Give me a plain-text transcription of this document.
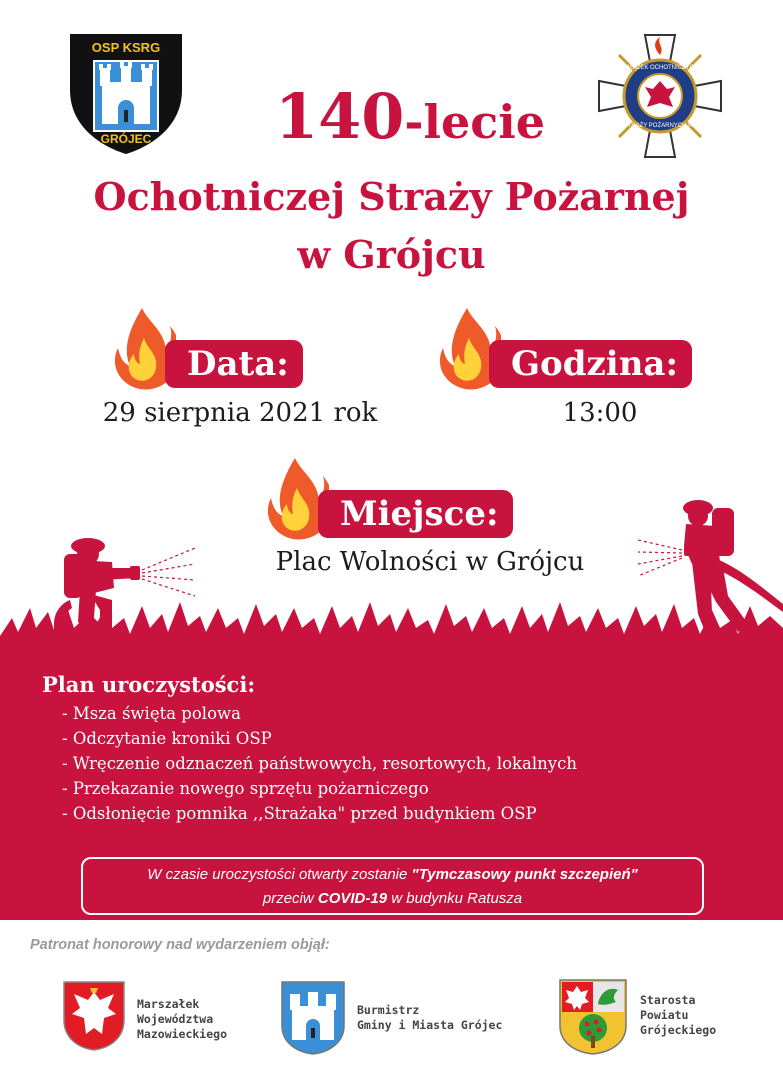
OSP KSRG
GRÓJEC
ZWIĄZEK OCHOTNICZYCH
STRAŻY POŻARNYCH RP
140-lecie
Ochotniczej Straży Pożarnej
w Grójcu
Data:
29 sierpnia 2021 rok
Godzina:
13:00
Miejsce:
Plac Wolności w Grójcu
Plan uroczystości:
- Msza święta polowa
- Odczytanie kroniki OSP
- Wręczenie odznaczeń państwowych, resortowych, lokalnych
- Przekazanie nowego sprzętu pożarniczego
- Odsłonięcie pomnika ,,Strażaka" przed budynkiem OSP
W czasie uroczystości otwarty zostanie "Tymczasowy punkt szczepień"
przeciw COVID-19 w budynku Ratusza
Patronat honorowy nad wydarzeniem objął:
Marszałek
Województwa
Mazowieckiego
Burmistrz
Gminy i Miasta Grójec
Starosta
Powiatu
Grójeckiego
